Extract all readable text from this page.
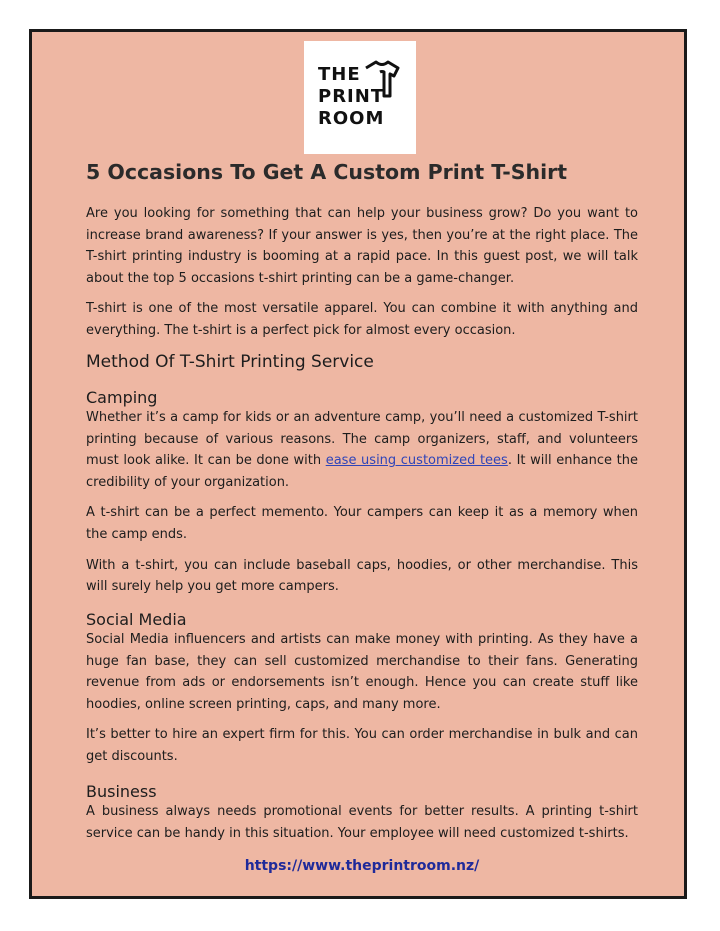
THE
PRINT
ROOM
5 Occasions To Get A Custom Print T-Shirt

Are you looking for something that can help your business grow? Do you want to increase brand awareness? If your answer is yes, then you’re at the right place. The T-shirt printing industry is booming at a rapid pace. In this guest post, we will talk about the top 5 occasions t-shirt printing can be a game-changer.

T-shirt is one of the most versatile apparel. You can combine it with anything and everything. The t-shirt is a perfect pick for almost every occasion.

Method Of T-Shirt Printing Service
Camping

Whether it’s a camp for kids or an adventure camp, you’ll need a customized T-shirt printing because of various reasons. The camp organizers, staff, and volunteers must look alike. It can be done with ease using customized tees. It will enhance the credibility of your organization.

A t-shirt can be a perfect memento. Your campers can keep it as a memory when the camp ends.

With a t-shirt, you can include baseball caps, hoodies, or other merchandise. This will surely help you get more campers.

Social Media

Social Media influencers and artists can make money with printing. As they have a huge fan base, they can sell customized merchandise to their fans. Generating revenue from ads or endorsements isn’t enough. Hence you can create stuff like hoodies, online screen printing, caps, and many more.

It’s better to hire an expert firm for this. You can order merchandise in bulk and can get discounts.

Business

A business always needs promotional events for better results. A printing t-shirt service can be handy in this situation. Your employee will need customized t-shirts.

https://www.theprintroom.nz/
